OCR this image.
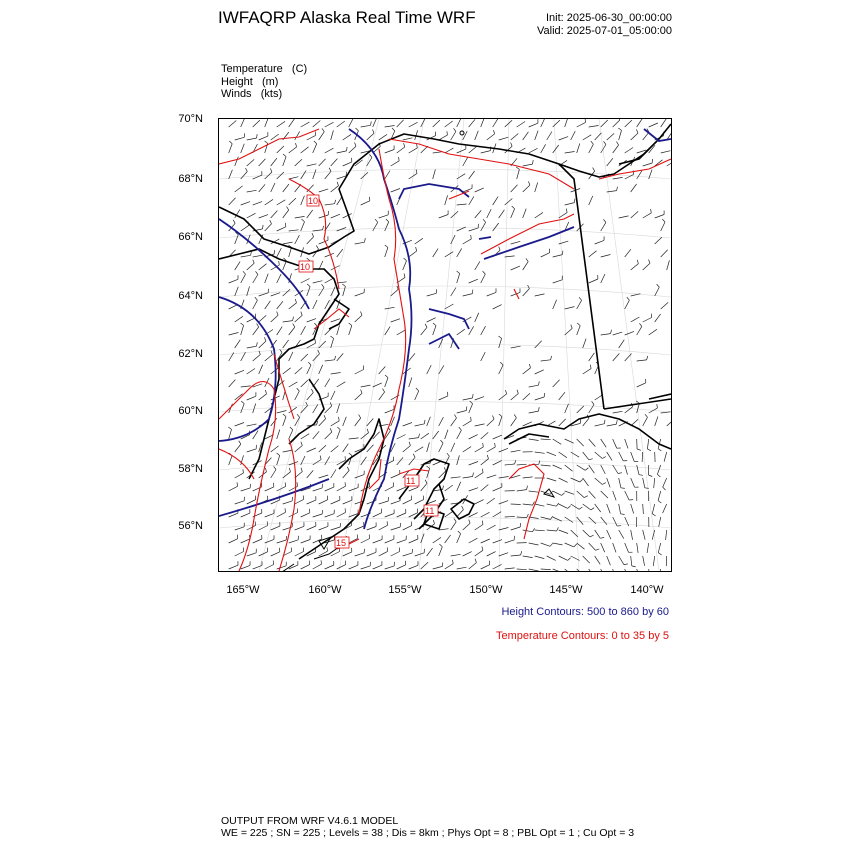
IWFAQRP Alaska Real Time WRF	Init: 2025-06-30_00:00:00
Valid: 2025-07-01_05:00:00
Temperature   (C)
Height   (m)
Winds   (kts)
70°N
68°N
66°N
64°N
62°N
60°N
58°N
56°N
165°W	160°W	155°W	150°W	145°W	140°W
10
10
11
11
15
Height Contours: 500 to 860 by 60
Temperature Contours: 0 to 35 by 5
OUTPUT FROM WRF V4.6.1 MODEL
WE = 225 ; SN = 225 ; Levels = 38 ; Dis = 8km ; Phys Opt = 8 ; PBL Opt = 1 ; Cu Opt = 3
